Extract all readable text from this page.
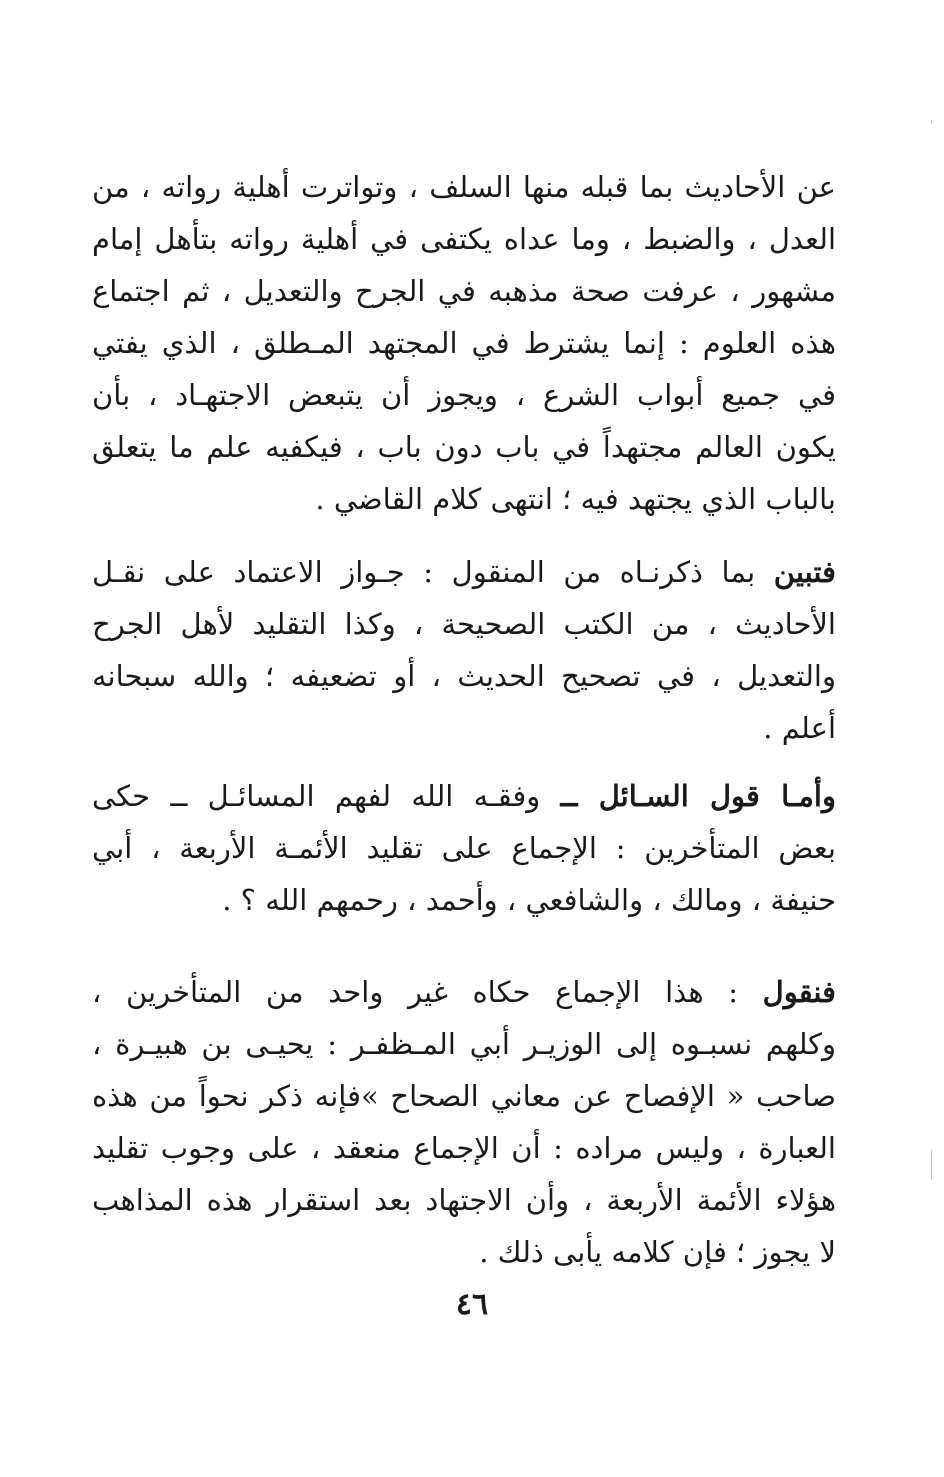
عن الأحاديث بما قبله منها السلف ، وتواترت أهلية رواته ، من
العدل ، والضبط ، وما عداه يكتفى في أهلية رواته بتأهل إمام
مشهور ، عرفت صحة مذهبه في الجرح والتعديل ، ثم اجتماع
هذه العلوم : إنما يشترط في المجتهد المـطلق ، الذي يفتي
في جميع أبواب الشرع ، ويجوز أن يتبعض الاجتهـاد ، بأن
يكون العالم مجتهداً في باب دون باب ، فيكفيه علم ما يتعلق
بالباب الذي يجتهد فيه ؛ انتهى كلام القاضي .
فتبين بما ذكرنـاه من المنقول : جـواز الاعتماد على نقـل
الأحاديث ، من الكتب الصحيحة ، وكذا التقليد لأهل الجرح
والتعديل ، في تصحيح الحديث ، أو تضعيفه ؛ والله سبحانه
أعلم .
وأمـا قول السـائل ــ وفقـه الله لفهم المسائـل ــ حكى
بعض المتأخرين : الإجماع على تقليد الأئمـة الأربعة ، أبي
حنيفة ، ومالك ، والشافعي ، وأحمد ، رحمهم الله ؟ .
فنقول : هذا الإجماع حكاه غير واحد من المتأخرين ،
وكلهم نسبـوه إلى الوزيـر أبي المـظفـر : يحيـى بن هبيـرة ،
صاحب « الإفصاح عن معاني الصحاح »فإنه ذكر نحواً من هذه
العبارة ، وليس مراده : أن الإجماع منعقد ، على وجوب تقليد
هؤلاء الأئمة الأربعة ، وأن الاجتهاد بعد استقرار هذه المذاهب
لا يجوز ؛ فإن كلامه يأبى ذلك .
٤٦
